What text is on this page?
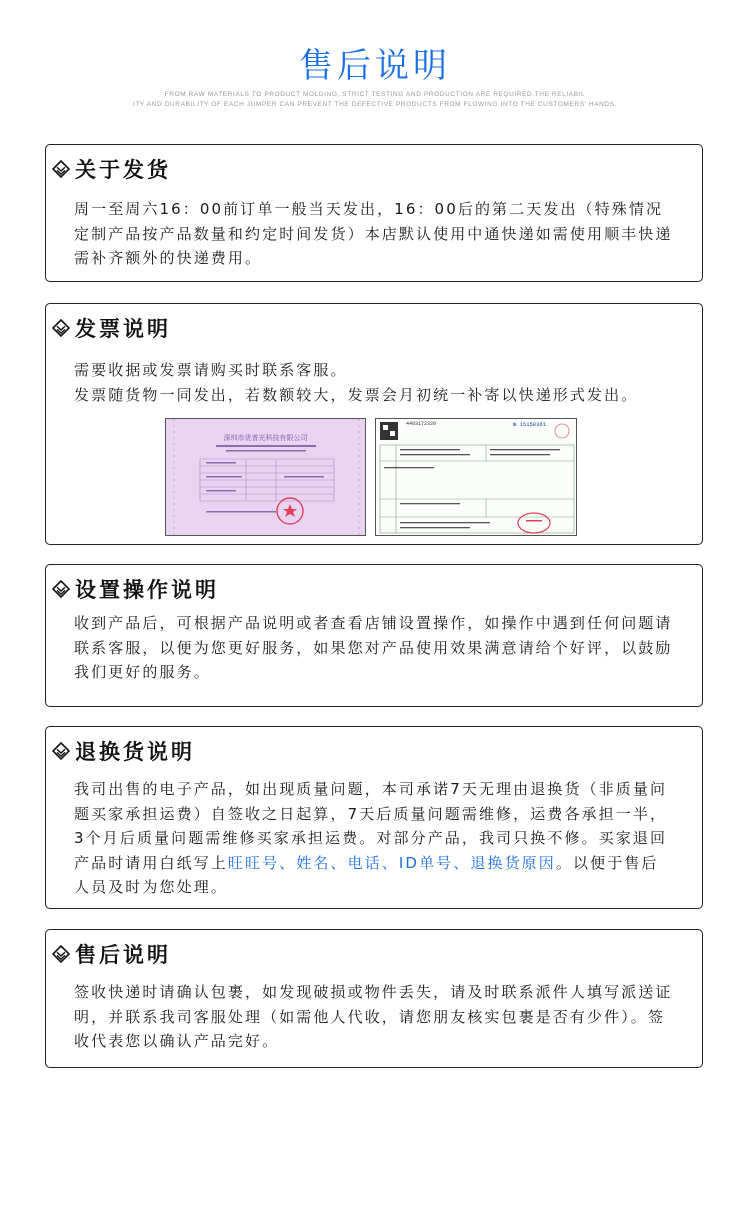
售后说明
FROM RAW MATERIALS TO PRODUCT MOLDING, STRICT TESTING AND PRODUCTION ARE REQUIRED.THE RELIABIL
ITY AND DURABILITY OF EACH JUMPER CAN PREVENT THE DEFECTIVE PRODUCTS FROM FLOWING INTO THE CUSTOMERS' HANDS.
关于发货

周一至周六16：00前订单一般当天发出，16：00后的第二天发出（特殊情况定制产品按产品数量和约定时间发货）本店默认使用中通快递如需使用顺丰快递需补齐额外的快递费用。

发票说明

需要收据或发票请购买时联系客服。

发票随货物一同发出，若数额较大，发票会月初统一补寄以快递形式发出。

深圳市优普光科技有限公司
4403172320	№ 15158361
设置操作说明

收到产品后，可根据产品说明或者查看店铺设置操作，如操作中遇到任何问题请联系客服，以便为您更好服务，如果您对产品使用效果满意请给个好评，以鼓励我们更好的服务。

退换货说明

我司出售的电子产品，如出现质量问题，本司承诺7天无理由退换货（非质量问题买家承担运费）自签收之日起算，7天后质量问题需维修，运费各承担一半，3个月后质量问题需维修买家承担运费。对部分产品，我司只换不修。买家退回产品时请用白纸写上旺旺号、姓名、电话、ID单号、退换货原因。以便于售后人员及时为您处理。

售后说明

签收快递时请确认包裹，如发现破损或物件丢失，请及时联系派件人填写派送证明，并联系我司客服处理（如需他人代收，请您朋友核实包裹是否有少件）。签收代表您以确认产品完好。
